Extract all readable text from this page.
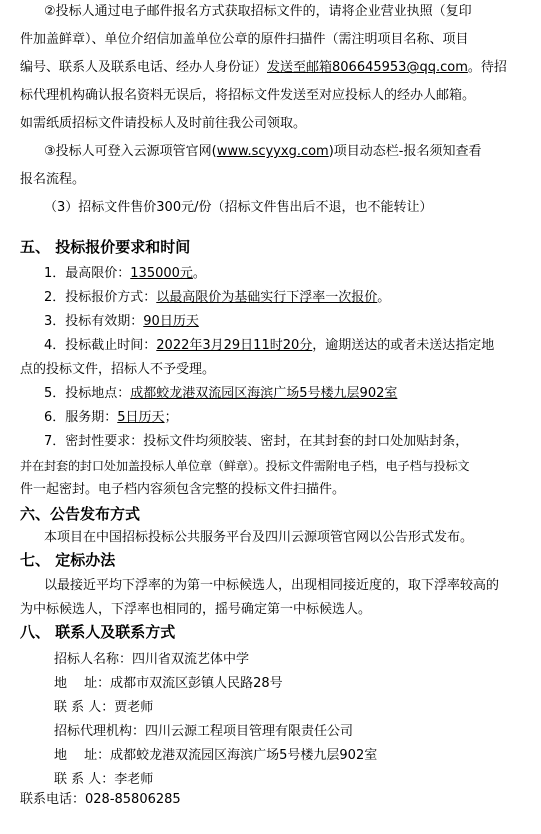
②投标人通过电子邮件报名方式获取招标文件的，请将企业营业执照（复印
件加盖鲜章）、单位介绍信加盖单位公章的原件扫描件（需注明项目名称、项目
编号、联系人及联系电话、经办人身份证）发送至邮箱806645953@qq.com。待招
标代理机构确认报名资料无误后，将招标文件发送至对应投标人的经办人邮箱。
如需纸质招标文件请投标人及时前往我公司领取。
③投标人可登入云源项管官网(www.scyyxg.com)项目动态栏-报名须知查看
报名流程。
（3）招标文件售价300元/份（招标文件售出后不退，也不能转让）
五、 投标报价要求和时间
1．最高限价：135000元。
2．投标报价方式：以最高限价为基础实行下浮率一次报价。
3．投标有效期：90日历天
4．投标截止时间：2022年3月29日11时20分，逾期送达的或者未送达指定地
点的投标文件，招标人不予受理。
5．投标地点：成都蛟龙港双流园区海滨广场5号楼九层902室
6．服务期：5日历天；
7．密封性要求：投标文件均须胶装、密封，在其封套的封口处加贴封条，
并在封套的封口处加盖投标人单位章（鲜章）。投标文件需附电子档，电子档与投标文
件一起密封。电子档内容须包含完整的投标文件扫描件。
六、公告发布方式
本项目在中国招标投标公共服务平台及四川云源项管官网以公告形式发布。
七、 定标办法
以最接近平均下浮率的为第一中标候选人，出现相同接近度的，取下浮率较高的
为中标候选人，下浮率也相同的，摇号确定第一中标候选人。
八、 联系人及联系方式
招标人名称：四川省双流艺体中学
地　 址：成都市双流区彭镇人民路28号
联 系 人：贾老师
招标代理机构：四川云源工程项目管理有限责任公司
地　 址：成都蛟龙港双流园区海滨广场5号楼九层902室
联 系 人：李老师
联系电话：028-85806285
